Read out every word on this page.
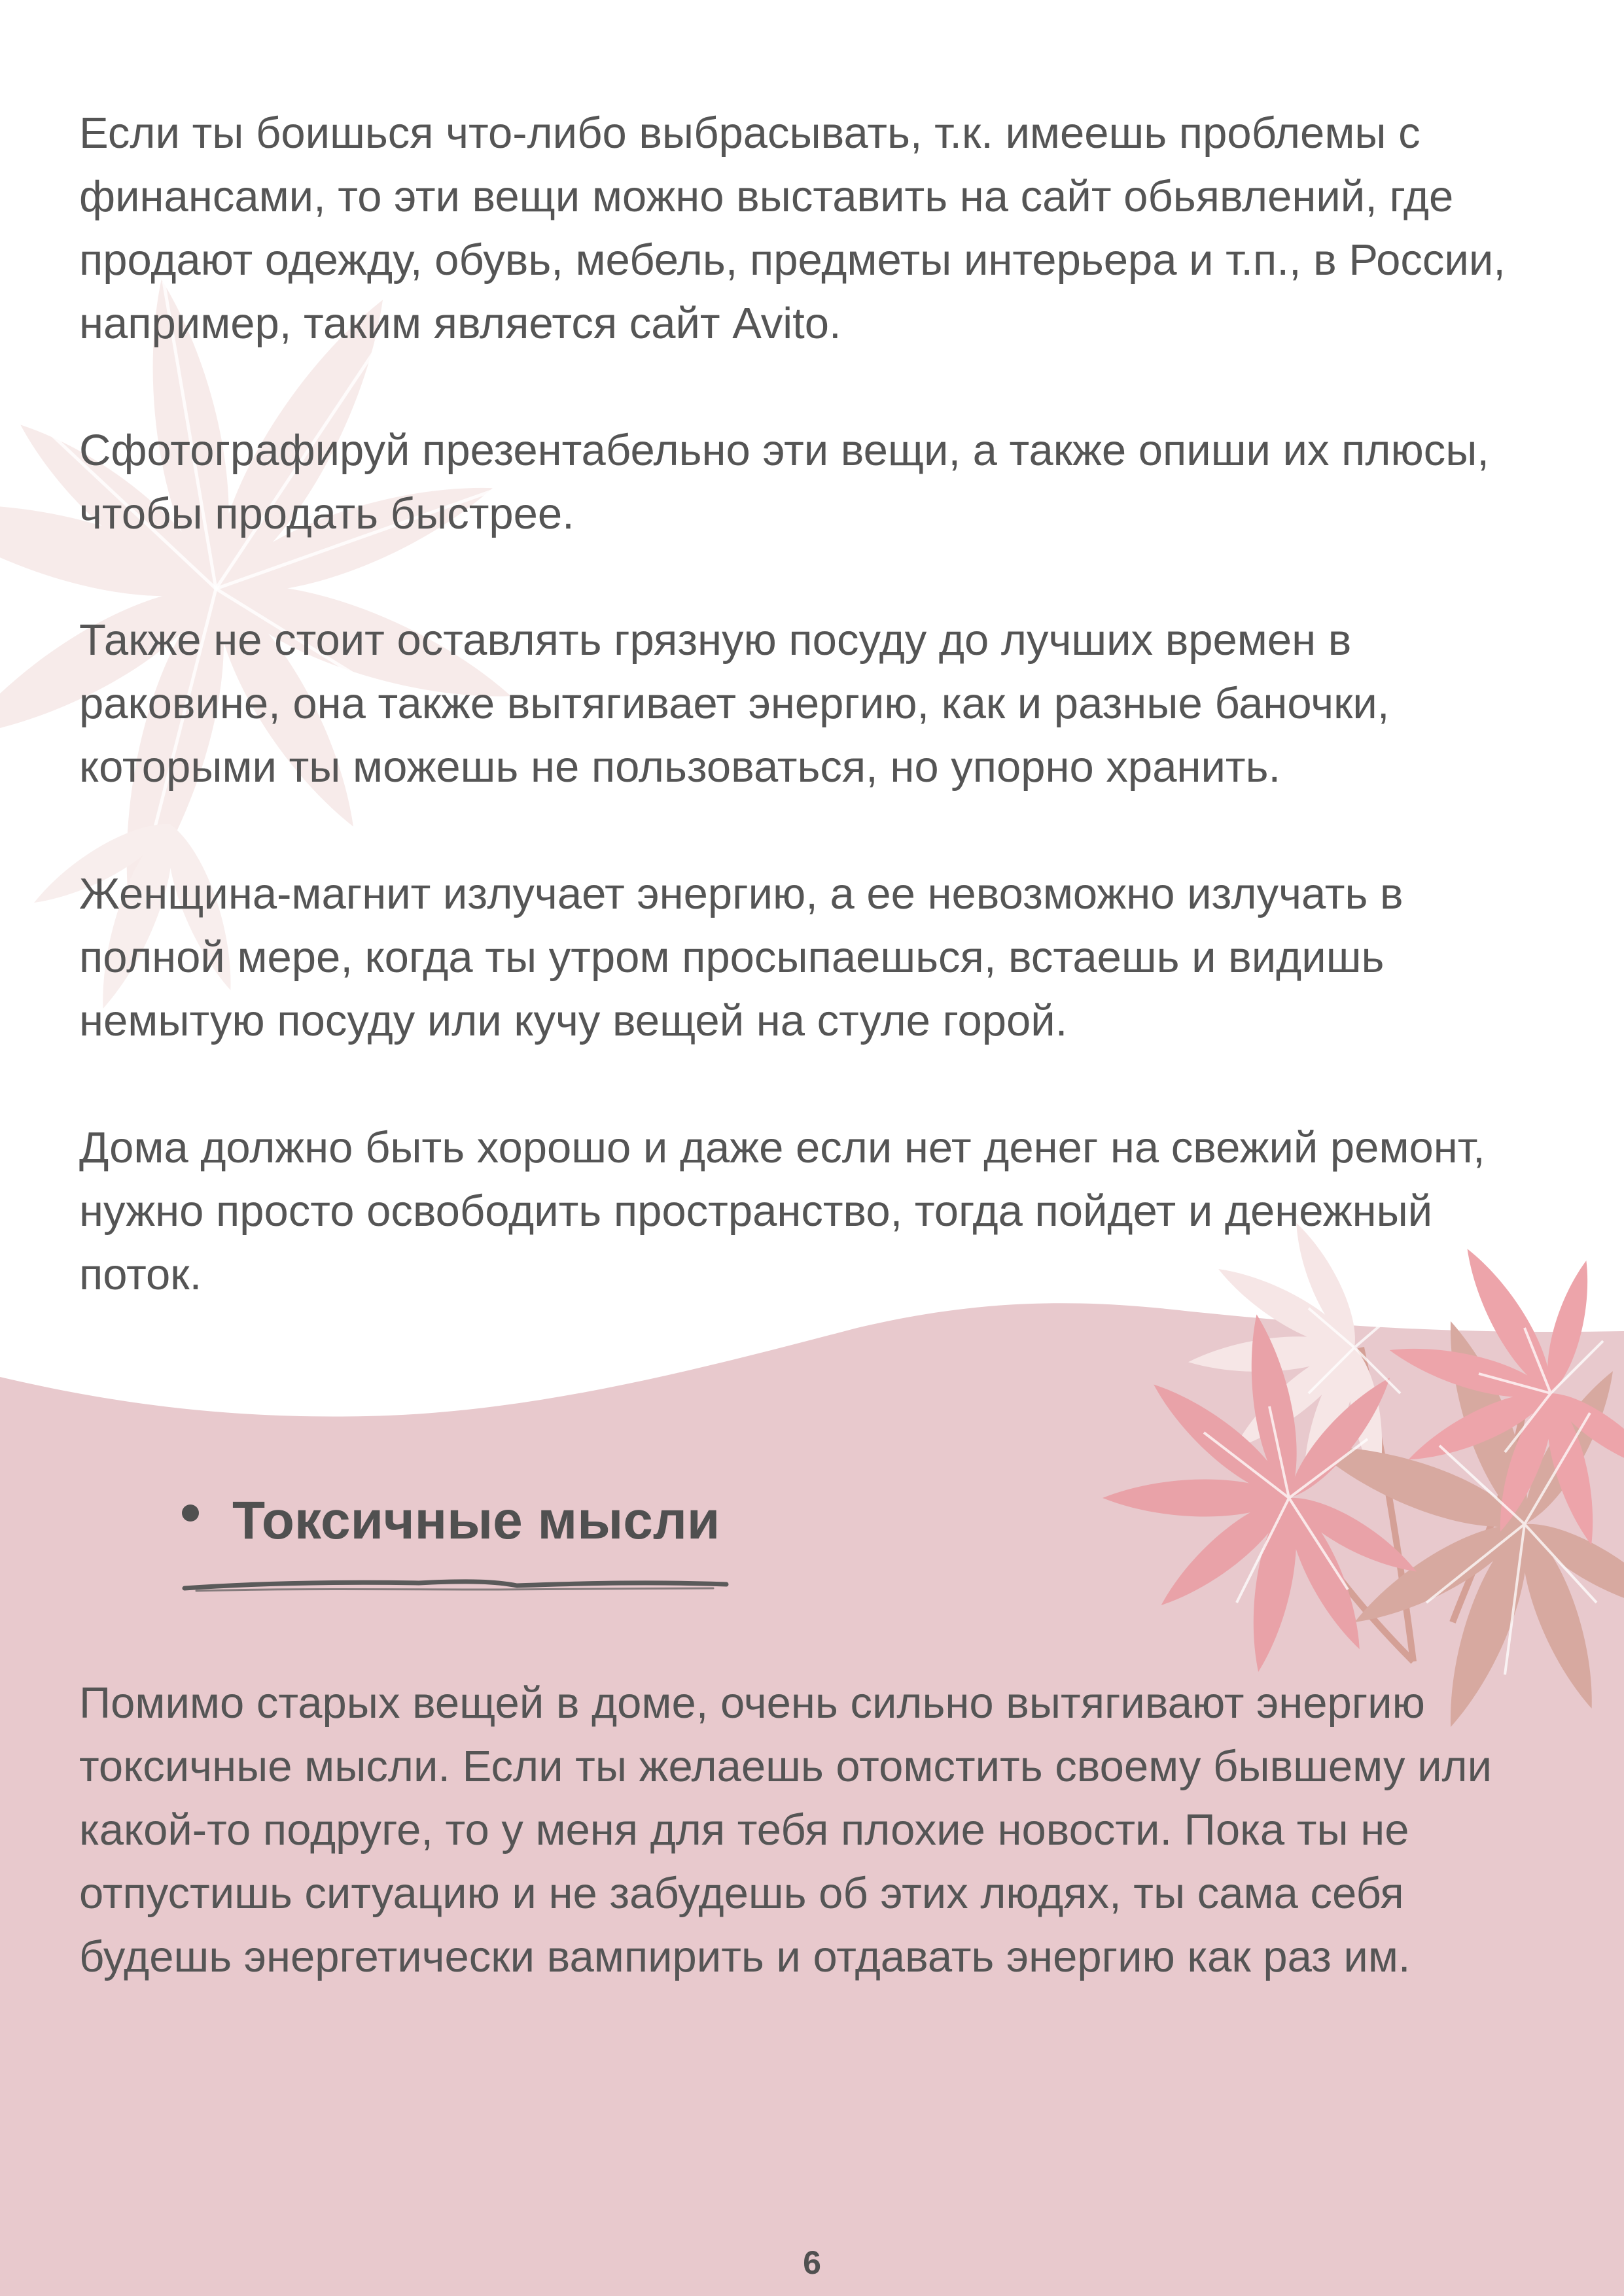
Если ты боишься что-либо выбрасывать, т.к. имеешь проблемы с финансами, то эти вещи можно выставить на сайт обьявлений, где продают одежду, обувь, мебель, предметы интерьера и т.п., в России, например, таким является сайт Avito.

Сфотографируй презентабельно эти вещи, а также опиши их плюсы, чтобы продать быстрее.

Также не стоит оставлять грязную посуду до лучших времен в раковине, она также вытягивает энергию, как и разные баночки, которыми ты можешь не пользоваться, но упорно хранить.

Женщина-магнит излучает энергию, а ее невозможно излучать в полной мере, когда ты утром просыпаешься, встаешь и видишь немытую посуду или кучу вещей на стуле горой.

Дома должно быть хорошо и даже если нет денег на свежий ремонт, нужно просто освободить пространство, тогда пойдет и денежный поток.

Токсичные мысли

Помимо старых вещей в доме, очень сильно вытягивают энергию токсичные мысли. Если ты желаешь отомстить своему бывшему или какой-то подруге, то у меня для тебя плохие новости. Пока ты не отпустишь ситуацию и не забудешь об этих людях, ты сама себя будешь энергетически вампирить и отдавать энергию как раз им.

6
